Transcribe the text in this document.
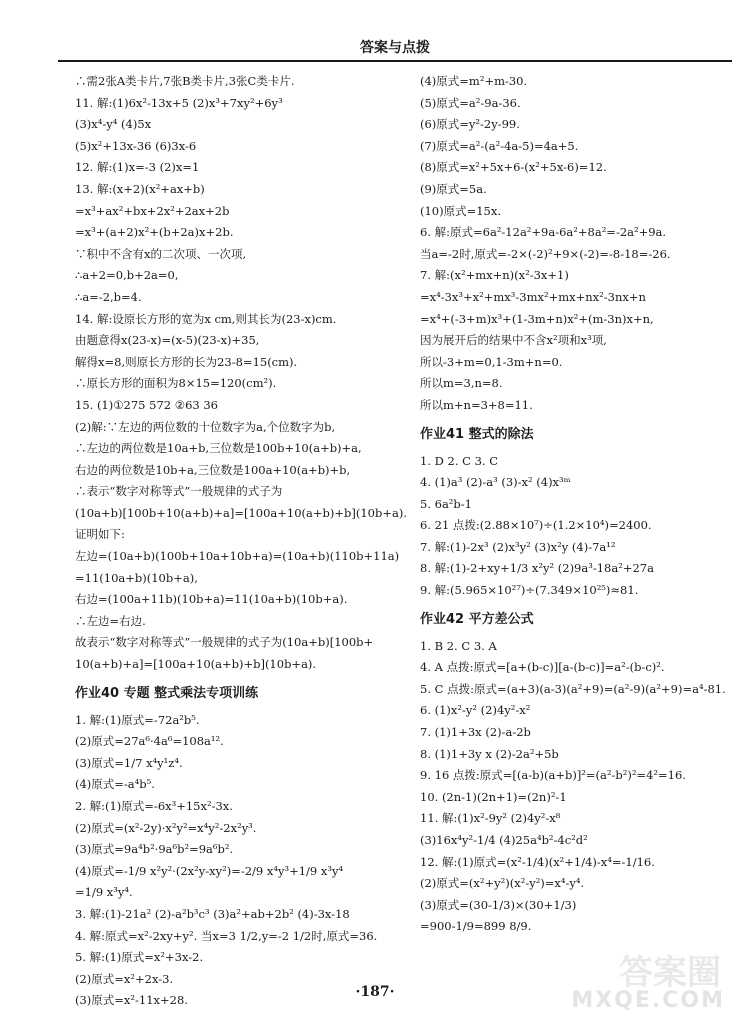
答案与点拨
∴需2张A类卡片,7张B类卡片,3张C类卡片.
11. 解:(1)6x²-13x+5 (2)x³+7xy²+6y³
(3)x⁴-y⁴ (4)5x
(5)x²+13x-36 (6)3x-6
12. 解:(1)x=-3 (2)x=1
13. 解:(x+2)(x²+ax+b)
=x³+ax²+bx+2x²+2ax+2b
=x³+(a+2)x²+(b+2a)x+2b.
∵积中不含有x的二次项、一次项,
∴a+2=0,b+2a=0,
∴a=-2,b=4.
14. 解:设原长方形的宽为x cm,则其长为(23-x)cm.
由题意得x(23-x)=(x-5)(23-x)+35,
解得x=8,则原长方形的长为23-8=15(cm).
∴原长方形的面积为8×15=120(cm²).
15. (1)①275 572 ②63 36
(2)解:∵左边的两位数的十位数字为a,个位数字为b,
∴左边的两位数是10a+b,三位数是100b+10(a+b)+a,
右边的两位数是10b+a,三位数是100a+10(a+b)+b,
∴表示“数字对称等式”一般规律的式子为
(10a+b)[100b+10(a+b)+a]=[100a+10(a+b)+b](10b+a).
证明如下:
左边=(10a+b)(100b+10a+10b+a)=(10a+b)(110b+11a)
=11(10a+b)(10b+a),
右边=(100a+11b)(10b+a)=11(10a+b)(10b+a).
∴左边=右边.
故表示“数字对称等式”一般规律的式子为(10a+b)[100b+
10(a+b)+a]=[100a+10(a+b)+b](10b+a).
作业40 专题 整式乘法专项训练
1. 解:(1)原式=-72a²b⁵.
(2)原式=27a⁶·4a⁶=108a¹².
(3)原式=1/7 x⁴y¹z⁴.
(4)原式=-a⁴b⁵.
2. 解:(1)原式=-6x³+15x²-3x.
(2)原式=(x²-2y)·x²y²=x⁴y²-2x²y³.
(3)原式=9a⁴b²·9a⁶b²=9a⁶b².
(4)原式=-1/9 x²y²·(2x²y-xy²)=-2/9 x⁴y³+1/9 x³y⁴
=1/9 x³y⁴.
3. 解:(1)-21a² (2)-a²b³c³ (3)a²+ab+2b² (4)-3x-18
4. 解:原式=x²-2xy+y². 当x=3 1/2,y=-2 1/2时,原式=36.
5. 解:(1)原式=x²+3x-2.
(2)原式=x²+2x-3.
(3)原式=x²-11x+28.
(4)原式=m²+m-30.
(5)原式=a²-9a-36.
(6)原式=y²-2y-99.
(7)原式=a²-(a²-4a-5)=4a+5.
(8)原式=x²+5x+6-(x²+5x-6)=12.
(9)原式=5a.
(10)原式=15x.
6. 解:原式=6a²-12a²+9a-6a²+8a²=-2a²+9a.
当a=-2时,原式=-2×(-2)²+9×(-2)=-8-18=-26.
7. 解:(x²+mx+n)(x²-3x+1)
=x⁴-3x³+x²+mx³-3mx²+mx+nx²-3nx+n
=x⁴+(-3+m)x³+(1-3m+n)x²+(m-3n)x+n,
因为展开后的结果中不含x²项和x³项,
所以-3+m=0,1-3m+n=0.
所以m=3,n=8.
所以m+n=3+8=11.
作业41 整式的除法
1. D 2. C 3. C
4. (1)a³ (2)-a³ (3)-x² (4)x³ᵐ
5. 6a²b-1
6. 21 点拨:(2.88×10⁷)÷(1.2×10⁴)=2400.
7. 解:(1)-2x³ (2)x³y² (3)x²y (4)-7a¹²
8. 解:(1)-2+xy+1/3 x²y² (2)9a³-18a²+27a
9. 解:(5.965×10²⁷)÷(7.349×10²⁵)≈81.
作业42 平方差公式
1. B 2. C 3. A
4. A 点拨:原式=[a+(b-c)][a-(b-c)]=a²-(b-c)².
5. C 点拨:原式=(a+3)(a-3)(a²+9)=(a²-9)(a²+9)=a⁴-81.
6. (1)x²-y² (2)4y²-x²
7. (1)1+3x (2)-a-2b
8. (1)1+3y x (2)-2a²+5b
9. 16 点拨:原式=[(a-b)(a+b)]²=(a²-b²)²=4²=16.
10. (2n-1)(2n+1)=(2n)²-1
11. 解:(1)x²-9y² (2)4y²-x⁸
(3)16x⁴y²-1/4 (4)25a⁴b²-4c²d²
12. 解:(1)原式=(x²-1/4)(x²+1/4)-x⁴=-1/16.
(2)原式=(x²+y²)(x²-y²)=x⁴-y⁴.
(3)原式=(30-1/3)×(30+1/3)
=900-1/9=899 8/9.
·187·	答案圈
MXQE.COM
